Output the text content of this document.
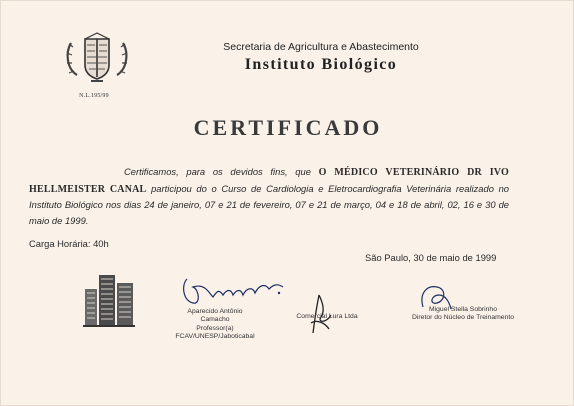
N.L.195/99
Secretaria de Agricultura e Abastecimento
Instituto Biológico
CERTIFICADO

Certificamos, para os devidos fins, que O MÉDICO VETERINÁRIO DR IVO HELLMEISTER CANAL participou do o Curso de Cardiologia e Eletrocardiografia Veterinária realizado no Instituto Biológico nos dias 24 de janeiro, 07 e 21 de fevereiro, 07 e 21 de março, 04 e 18 de abril, 02, 16 e 30 de maio de 1999.

Carga Horária: 40h
São Paulo, 30 de maio de 1999
Aparecido Antônio
Camacho
Professor(a)
FCAV/UNESP/Jaboticabal
Comercial Lura Ltda
Miguel Stella Sobrinho
Diretor do Núcleo de Treinamento
